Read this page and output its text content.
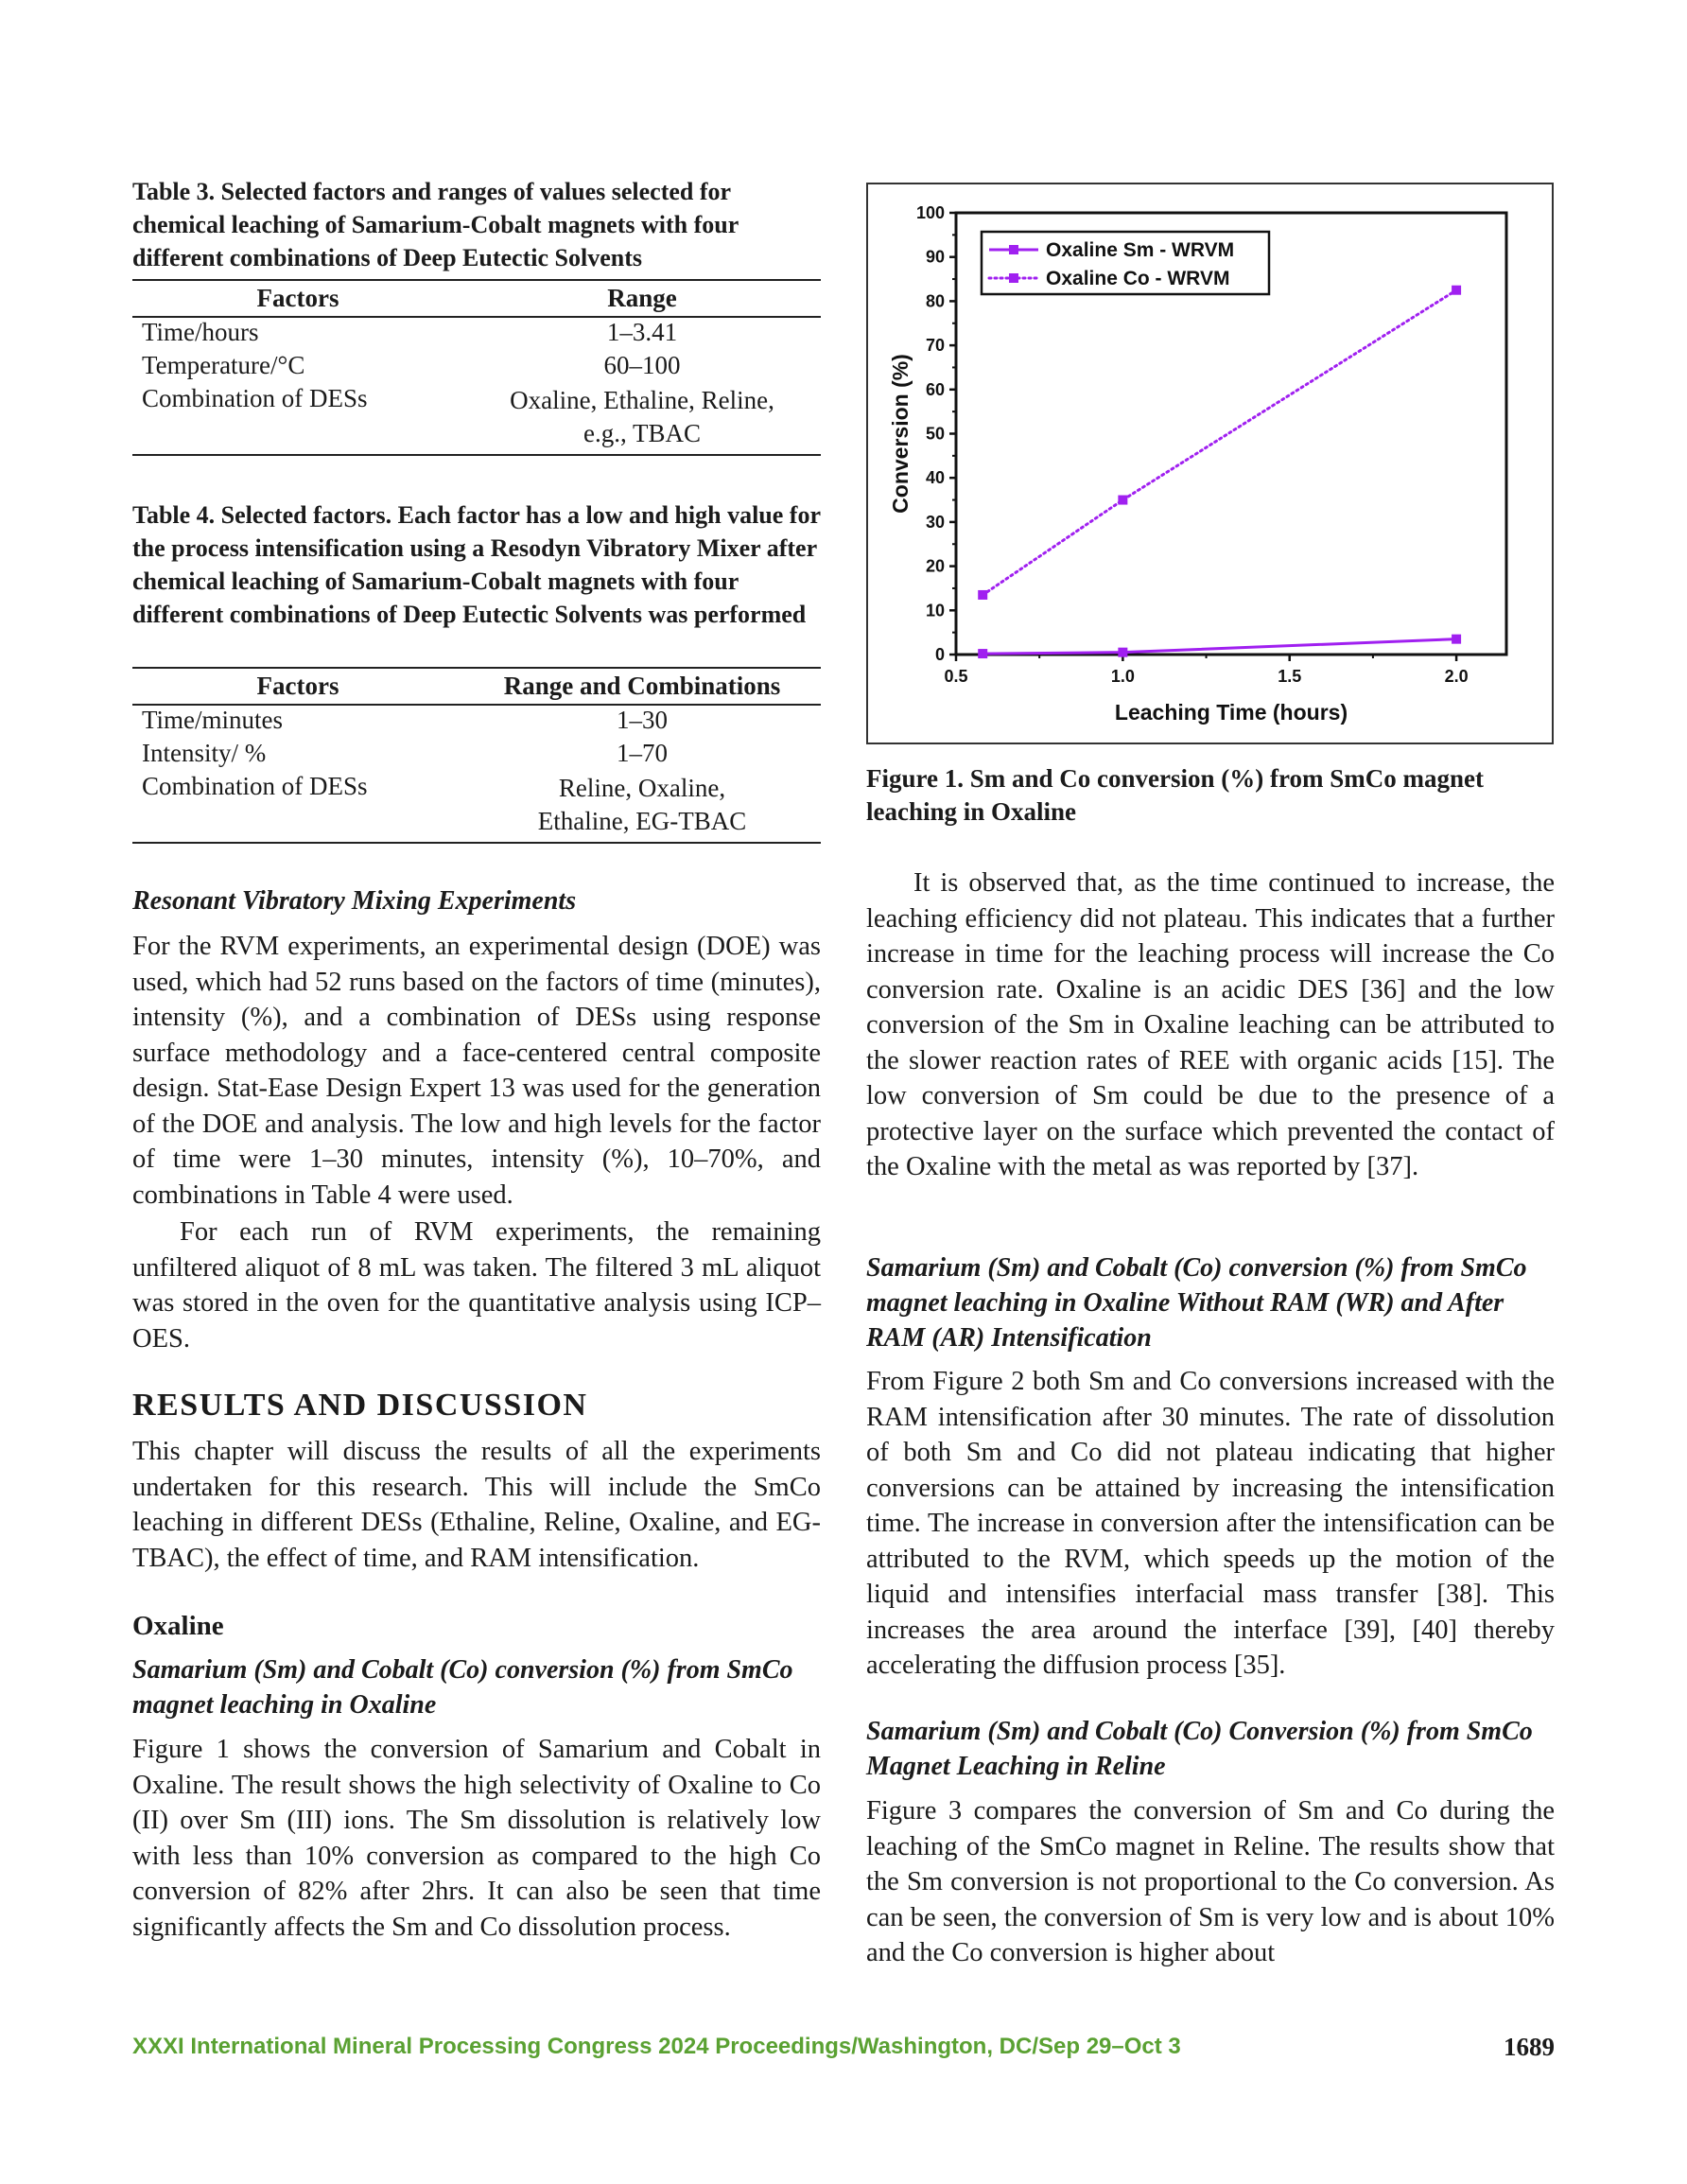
Table 3. Selected factors and ranges of values selected for chemical leaching of Samarium-Cobalt magnets with four different combinations of Deep Eutectic Solvents
Factors	Range
Time/hours	1–3.41
Temperature/°C	60–100
Combination of DESs	Oxaline, Ethaline, Reline, e.g., TBAC
Table 4. Selected factors. Each factor has a low and high value for the process intensification using a Resodyn Vibratory Mixer after chemical leaching of Samarium-Cobalt magnets with four different combinations of Deep Eutectic Solvents was performed
Factors	Range and Combinations
Time/minutes	1–30
Intensity/ %	1–70
Combination of DESs	Reline, Oxaline, Ethaline, EG-TBAC
Resonant Vibratory Mixing Experiments

For the RVM experiments, an experimental design (DOE) was used, which had 52 runs based on the factors of time (minutes), intensity (%), and a combination of DESs using response surface methodology and a face-centered central composite design. Stat-Ease Design Expert 13 was used for the generation of the DOE and analysis. The low and high levels for the factor of time were 1–30 minutes, intensity (%), 10–70%, and combinations in Table 4 were used.

For each run of RVM experiments, the remaining unfiltered aliquot of 8 mL was taken. The filtered 3 mL aliquot was stored in the oven for the quantitative analysis using ICP–OES.

RESULTS AND DISCUSSION

This chapter will discuss the results of all the experiments undertaken for this research. This will include the SmCo leaching in different DESs (Ethaline, Reline, Oxaline, and EG-TBAC), the effect of time, and RAM intensification.

Oxaline
Samarium (Sm) and Cobalt (Co) conversion (%) from SmCo magnet leaching in Oxaline

Figure 1 shows the conversion of Samarium and Cobalt in Oxaline. The result shows the high selectivity of Oxaline to Co (II) over Sm (III) ions. The Sm dissolution is relatively low with less than 10% conversion as compared to the high Co conversion of 82% after 2hrs. It can also be seen that time significantly affects the Sm and Co dissolution process.

0
10
20
30
40
50
60
70
80
90
100
0.5	1.0	1.5	2.0
Leaching Time (hours)
Conversion (%)
Oxaline Sm - WRVM
Oxaline Co - WRVM
Figure 1. Sm and Co conversion (%) from SmCo magnet leaching in Oxaline

It is observed that, as the time continued to increase, the leaching efficiency did not plateau. This indicates that a further increase in time for the leaching process will increase the Co conversion rate. Oxaline is an acidic DES [36] and the low conversion of the Sm in Oxaline leaching can be attributed to the slower reaction rates of REE with organic acids [15]. The low conversion of Sm could be due to the presence of a protective layer on the surface which prevented the contact of the Oxaline with the metal as was reported by [37].

Samarium (Sm) and Cobalt (Co) conversion (%) from SmCo magnet leaching in Oxaline Without RAM (WR) and After RAM (AR) Intensification

From Figure 2 both Sm and Co conversions increased with the RAM intensification after 30 minutes. The rate of dissolution of both Sm and Co did not plateau indicating that higher conversions can be attained by increasing the intensification time. The increase in conversion after the intensification can be attributed to the RVM, which speeds up the motion of the liquid and intensifies interfacial mass transfer [38]. This increases the area around the interface [39], [40] thereby accelerating the diffusion process [35].

Samarium (Sm) and Cobalt (Co) Conversion (%) from SmCo Magnet Leaching in Reline

Figure 3 compares the conversion of Sm and Co during the leaching of the SmCo magnet in Reline. The results show that the Sm conversion is not proportional to the Co conversion. As can be seen, the conversion of Sm is very low and is about 10% and the Co conversion is higher about

XXXI International Mineral Processing Congress 2024 Proceedings/Washington, DC/Sep 29–Oct 3	1689
